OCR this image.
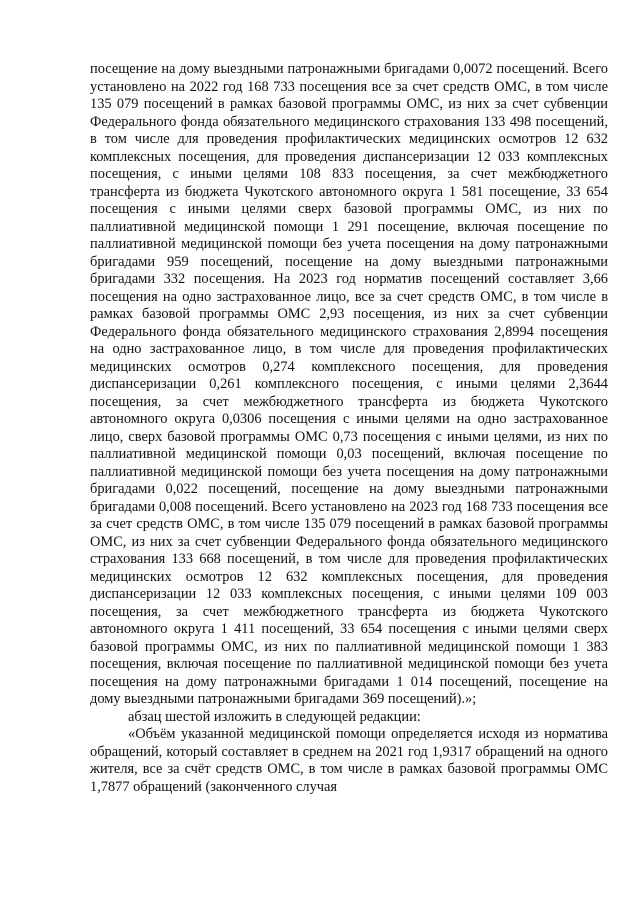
посещение на дому выездными патронажными бригадами 0,0072 посещений. Всего установлено на 2022 год 168 733 посещения все за счет средств ОМС, в том числе 135 079 посещений в рамках базовой программы ОМС, из них за счет субвенции Федерального фонда обязательного медицинского страхования 133 498 посещений, в том числе для проведения профилактических медицинских осмотров 12 632 комплексных посещения, для проведения диспансеризации 12 033 комплексных посещения, с иными целями 108 833 посещения, за счет межбюджетного трансферта из бюджета Чукотского автономного округа 1 581 посещение, 33 654 посещения с иными целями сверх базовой программы ОМС, из них по паллиативной медицинской помощи 1 291 посещение, включая посещение по паллиативной медицинской помощи без учета посещения на дому патронажными бригадами 959 посещений, посещение на дому выездными патронажными бригадами 332 посещения. На 2023 год норматив посещений составляет 3,66 посещения на одно застрахованное лицо, все за счет средств ОМС, в том числе в рамках базовой программы ОМС 2,93 посещения, из них за счет субвенции Федерального фонда обязательного медицинского страхования 2,8994 посещения на одно застрахованное лицо, в том числе для проведения профилактических медицинских осмотров 0,274 комплексного посещения, для проведения диспансеризации 0,261 комплексного посещения, с иными целями 2,3644 посещения, за счет межбюджетного трансферта из бюджета Чукотского автономного округа 0,0306 посещения с иными целями на одно застрахованное лицо, сверх базовой программы ОМС 0,73 посещения с иными целями, из них по паллиативной медицинской помощи 0,03 посещений, включая посещение по паллиативной медицинской помощи без учета посещения на дому патронажными бригадами 0,022 посещений, посещение на дому выездными патронажными бригадами 0,008 посещений. Всего установлено на 2023 год 168 733 посещения все за счет средств ОМС, в том числе 135 079 посещений в рамках базовой программы ОМС, из них за счет субвенции Федерального фонда обязательного медицинского страхования 133 668 посещений, в том числе для проведения профилактических медицинских осмотров 12 632 комплексных посещения, для проведения диспансеризации 12 033 комплексных посещения, с иными целями 109 003 посещения, за счет межбюджетного трансферта из бюджета Чукотского автономного округа 1 411 посещений, 33 654 посещения с иными целями сверх базовой программы ОМС, из них по паллиативной медицинской помощи 1 383 посещения, включая посещение по паллиативной медицинской помощи без учета посещения на дому патронажными бригадами 1 014 посещений, посещение на дому выездными патронажными бригадами 369 посещений).»;

абзац шестой изложить в следующей редакции:

«Объём указанной медицинской помощи определяется исходя из норматива обращений, который составляет в среднем на 2021 год 1,9317 обращений на одного жителя, все за счёт средств ОМС, в том числе в рамках базовой программы ОМС 1,7877 обращений (законченного случая
